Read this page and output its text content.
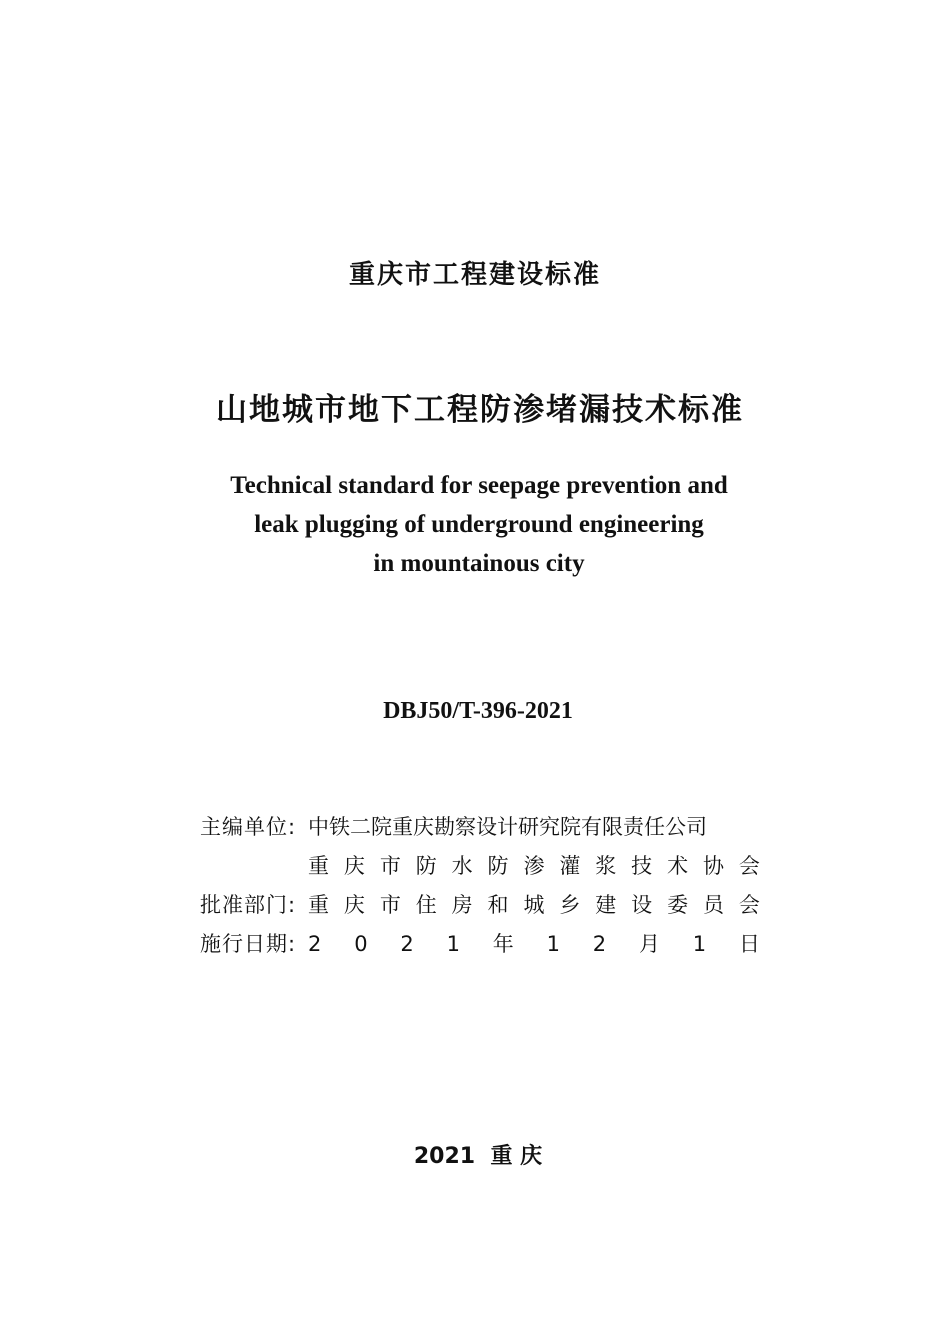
重庆市工程建设标准
山地城市地下工程防渗堵漏技术标准
Technical standard for seepage prevention and
leak plugging of underground engineering
in mountainous city
DBJ50/T-396-2021
主编单位: 中铁二院重庆勘察设计研究院有限责任公司
重 庆 市 防 水 防 渗 灌 浆 技 术 协 会
批准部门: 重 庆 市 住 房 和 城 乡 建 设 委 员 会
施行日期: 2 0 2 1 年 1 2 月 1 日
2021 重 庆
